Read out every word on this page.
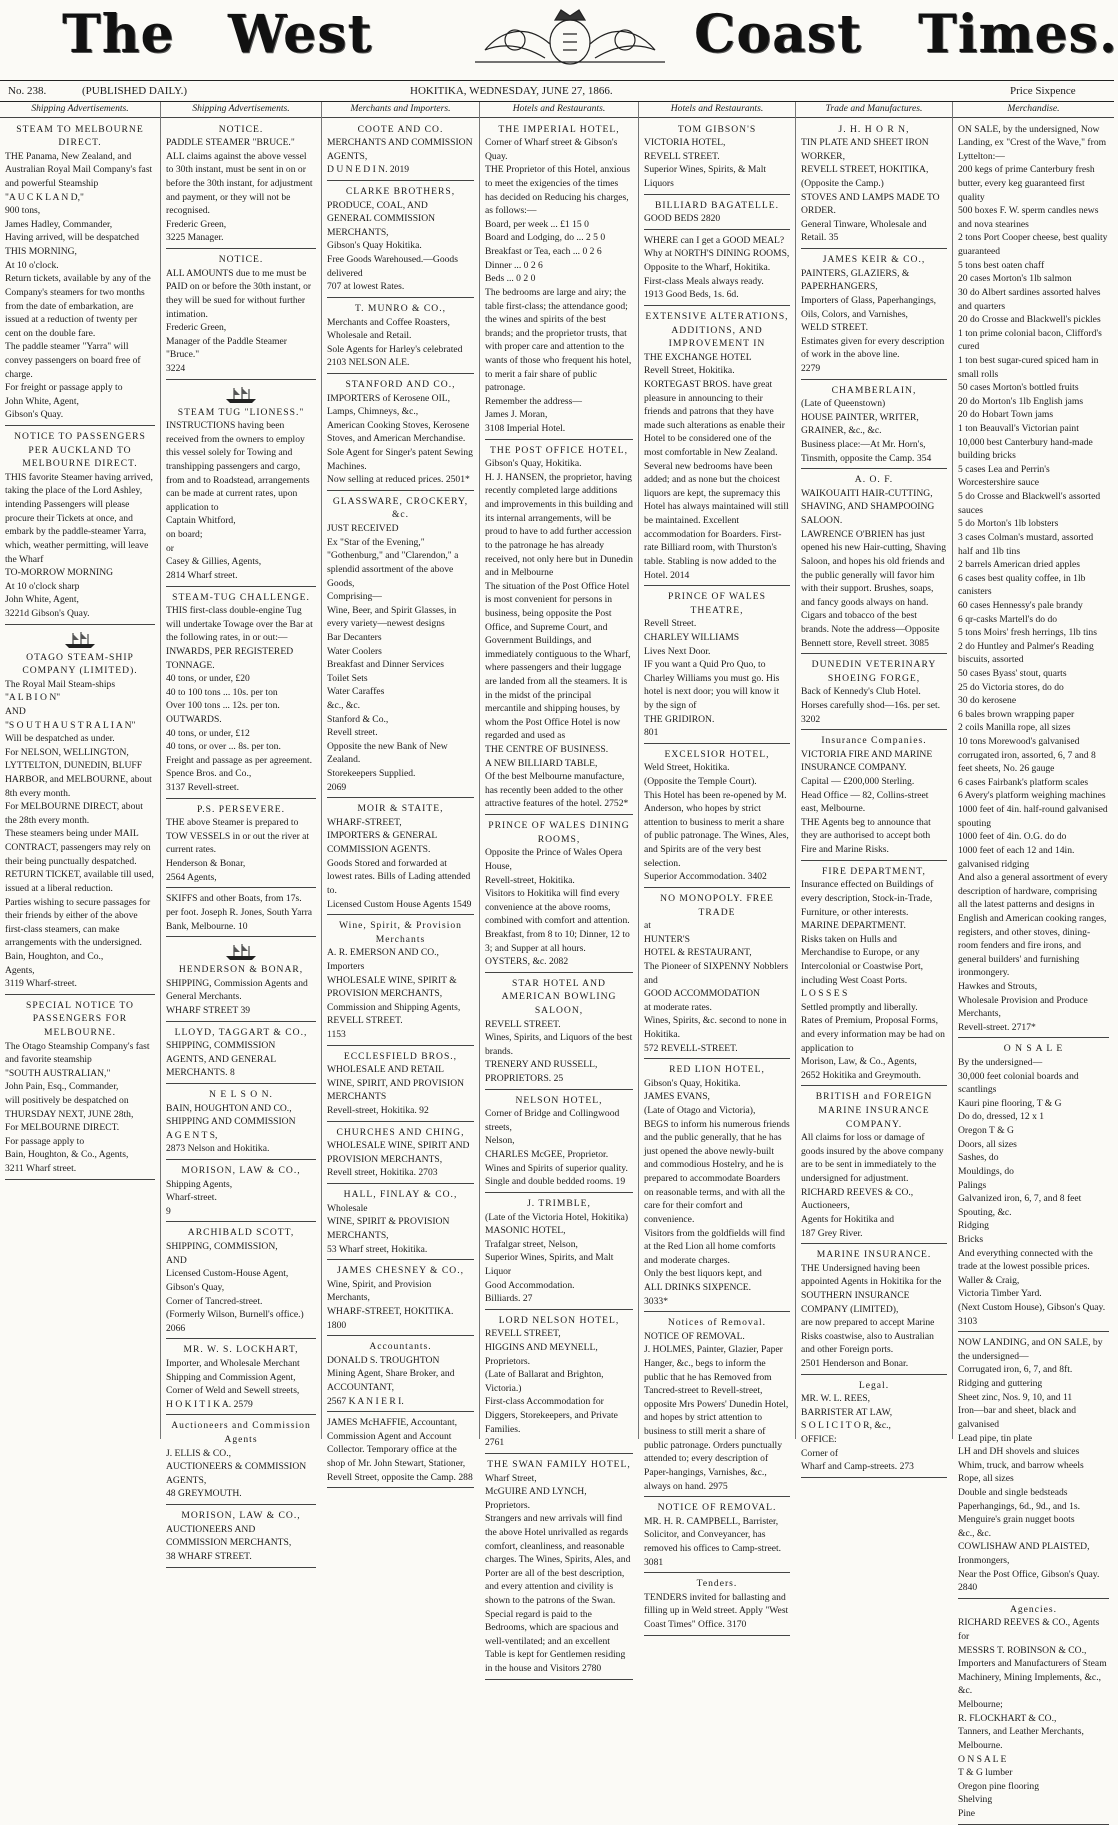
The West	Coast Times.
No. 238.	(PUBLISHED DAILY.)	HOKITIKA, WEDNESDAY, JUNE 27, 1866.	Price Sixpence
Shipping Advertisements.

STEAM TO MELBOURNE DIRECT.

THE Panama, New Zealand, and Australian Royal Mail Company's fast and powerful Steamship
"A U C K L A N D,"
900 tons,
James Hadley, Commander,
Having arrived, will be despatched
THIS MORNING,
At 10 o'clock.
Return tickets, available by any of the Company's steamers for two months from the date of embarkation, are issued at a reduction of twenty per cent on the double fare.
The paddle steamer "Yarra" will convey passengers on board free of charge.
For freight or passage apply to
John White, Agent,
Gibson's Quay.

NOTICE TO PASSENGERS PER AUCKLAND TO MELBOURNE DIRECT.

THIS favorite Steamer having arrived, taking the place of the Lord Ashley, intending Passengers will please procure their Tickets at once, and embark by the paddle-steamer Yarra, which, weather permitting, will leave the Wharf
TO-MORROW MORNING
At 10 o'clock sharp
John White, Agent,
3221d Gibson's Quay.

OTAGO STEAM-SHIP COMPANY (LIMITED).

The Royal Mail Steam-ships
"A L B I O N"
AND
"S O U T H A U S T R A L I A N"
Will be despatched as under.
For NELSON, WELLINGTON, LYTTELTON, DUNEDIN, BLUFF HARBOR, and MELBOURNE, about 8th every month.
For MELBOURNE DIRECT, about the 28th every month.
These steamers being under MAIL CONTRACT, passengers may rely on their being punctually despatched.
RETURN TICKET, available till used, issued at a liberal reduction.
Parties wishing to secure passages for their friends by either of the above first-class steamers, can make arrangements with the undersigned.
Bain, Houghton, and Co.,
Agents,
3119 Wharf-street.

SPECIAL NOTICE TO PASSENGERS FOR MELBOURNE.

The Otago Steamship Company's fast and favorite steamship
"SOUTH AUSTRALIAN,"
John Pain, Esq., Commander,
will positively be despatched on
THURSDAY NEXT, JUNE 28th,
For MELBOURNE DIRECT.
For passage apply to
Bain, Houghton, & Co., Agents,
3211 Wharf street.

Shipping Advertisements.

NOTICE.

PADDLE STEAMER "BRUCE."
ALL claims against the above vessel to 30th instant, must be sent in on or before the 30th instant, for adjustment and payment, or they will not be recognised.
Frederic Green,
3225 Manager.

NOTICE.

ALL AMOUNTS due to me must be PAID on or before the 30th instant, or they will be sued for without further intimation.
Frederic Green,
Manager of the Paddle Steamer "Bruce."
3224

STEAM TUG "LIONESS."

INSTRUCTIONS having been received from the owners to employ this vessel solely for Towing and transhipping passengers and cargo, from and to Roadstead, arrangements can be made at current rates, upon application to
Captain Whitford,
on board;
or
Casey & Gillies, Agents,
2814 Wharf street.

STEAM-TUG CHALLENGE.

THIS first-class double-engine Tug will undertake Towage over the Bar at the following rates, in or out:—
INWARDS, PER REGISTERED TONNAGE.
40 tons, or under, £20
40 to 100 tons ... 10s. per ton
Over 100 tons ... 12s. per ton.
OUTWARDS.
40 tons, or under, £12
40 tons, or over ... 8s. per ton.
Freight and passage as per agreement.
Spence Bros. and Co.,
3137 Revell-street.

P.S. PERSEVERE.

THE above Steamer is prepared to TOW VESSELS in or out the river at current rates.
Henderson & Bonar,
2564 Agents,

SKIFFS and other Boats, from 17s. per foot. Joseph R. Jones, South Yarra Bank, Melbourne. 10

HENDERSON & BONAR,

SHIPPING, Commission Agents and General Merchants.
WHARF STREET 39

LLOYD, TAGGART & CO.,

SHIPPING, COMMISSION AGENTS, AND GENERAL MERCHANTS. 8

N E L S O N.

BAIN, HOUGHTON AND CO., SHIPPING AND COMMISSION
A G E N T S,
2873 Nelson and Hokitika.

MORISON, LAW & CO.,

Shipping Agents,
Wharf-street.
9

ARCHIBALD SCOTT,

SHIPPING, COMMISSION,
AND
Licensed Custom-House Agent,
Gibson's Quay,
Corner of Tancred-street.
(Formerly Wilson, Burnell's office.) 2066

MR. W. S. LOCKHART,

Importer, and Wholesale Merchant
Shipping and Commission Agent,
Corner of Weld and Sewell streets,
H O K I T I K A. 2579

Auctioneers and Commission Agents

J. ELLIS & CO.,
AUCTIONEERS & COMMISSION AGENTS,
48 GREYMOUTH.

MORISON, LAW & CO.,

AUCTIONEERS AND COMMISSION MERCHANTS,
38 WHARF STREET.

Merchants and Importers.

COOTE AND CO.

MERCHANTS AND COMMISSION AGENTS,
D U N E D I N. 2019

CLARKE BROTHERS,

PRODUCE, COAL, AND GENERAL COMMISSION MERCHANTS,
Gibson's Quay Hokitika.
Free Goods Warehoused.—Goods delivered
707 at lowest Rates.

T. MUNRO & CO.,

Merchants and Coffee Roasters,
Wholesale and Retail.
Sole Agents for Harley's celebrated
2103 NELSON ALE.

STANFORD AND CO.,

IMPORTERS of Kerosene OIL, Lamps, Chimneys, &c.,
American Cooking Stoves, Kerosene Stoves, and American Merchandise.
Sole Agent for Singer's patent Sewing Machines.
Now selling at reduced prices. 2501*

GLASSWARE, CROCKERY, &c.

JUST RECEIVED
Ex "Star of the Evening," "Gothenburg," and "Clarendon," a splendid assortment of the above Goods,
Comprising—
Wine, Beer, and Spirit Glasses, in every variety—newest designs
Bar Decanters
Water Coolers
Breakfast and Dinner Services
Toilet Sets
Water Caraffes
&c., &c.
Stanford & Co.,
Revell street.
Opposite the new Bank of New Zealand.
Storekeepers Supplied.
2069

MOIR & STAITE,

WHARF-STREET,
IMPORTERS & GENERAL COMMISSION AGENTS.
Goods Stored and forwarded at lowest rates. Bills of Lading attended to.
Licensed Custom House Agents 1549

Wine, Spirit, & Provision Merchants

A. R. EMERSON AND CO.,
Importers
WHOLESALE WINE, SPIRIT & PROVISION MERCHANTS,
Commission and Shipping Agents,
REVELL STREET.
1153

ECCLESFIELD BROS.,

WHOLESALE AND RETAIL
WINE, SPIRIT, AND PROVISION MERCHANTS
Revell-street, Hokitika. 92

CHURCHES AND CHING,

WHOLESALE WINE, SPIRIT AND PROVISION MERCHANTS,
Revell street, Hokitika. 2703

HALL, FINLAY & CO.,

Wholesale
WINE, SPIRIT & PROVISION MERCHANTS,
53 Wharf street, Hokitika.

JAMES CHESNEY & CO.,

Wine, Spirit, and Provision Merchants,
WHARF-STREET, HOKITIKA.
1800

Accountants.

DONALD S. TROUGHTON
Mining Agent, Share Broker, and
ACCOUNTANT,
2567 K A N I E R I.

JAMES McHAFFIE, Accountant, Commission Agent and Account Collector. Temporary office at the shop of Mr. John Stewart, Stationer, Revell Street, opposite the Camp. 288

Hotels and Restaurants.

THE IMPERIAL HOTEL,

Corner of Wharf street & Gibson's Quay.
THE Proprietor of this Hotel, anxious to meet the exigencies of the times has decided on Reducing his charges, as follows:—
Board, per week ... £1 15 0
Board and Lodging, do ... 2 5 0
Breakfast or Tea, each ... 0 2 6
Dinner ... 0 2 6
Beds ... 0 2 0
The bedrooms are large and airy; the table first-class; the attendance good; the wines and spirits of the best brands; and the proprietor trusts, that with proper care and attention to the wants of those who frequent his hotel, to merit a fair share of public patronage.
Remember the address—
James J. Moran,
3108 Imperial Hotel.

THE POST OFFICE HOTEL,

Gibson's Quay, Hokitika.
H. J. HANSEN, the proprietor, having recently completed large additions and improvements in this building and its internal arrangements, will be proud to have to add further accession to the patronage he has already received, not only here but in Dunedin and in Melbourne
The situation of the Post Office Hotel is most convenient for persons in business, being opposite the Post Office, and Supreme Court, and Government Buildings, and immediately contiguous to the Wharf, where passengers and their luggage are landed from all the steamers. It is in the midst of the principal mercantile and shipping houses, by whom the Post Office Hotel is now regarded and used as
THE CENTRE OF BUSINESS.
A NEW BILLIARD TABLE,
Of the best Melbourne manufacture, has recently been added to the other attractive features of the hotel. 2752*

PRINCE OF WALES DINING ROOMS,

Opposite the Prince of Wales Opera House,
Revell-street, Hokitika.
Visitors to Hokitika will find every convenience at the above rooms, combined with comfort and attention.
Breakfast, from 8 to 10; Dinner, 12 to 3; and Supper at all hours.
OYSTERS, &c. 2082

STAR HOTEL AND AMERICAN BOWLING SALOON,

REVELL STREET.
Wines, Spirits, and Liquors of the best brands.
TRENERY AND RUSSELL,
PROPRIETORS. 25

NELSON HOTEL,

Corner of Bridge and Collingwood streets,
Nelson,
CHARLES McGEE, Proprietor.
Wines and Spirits of superior quality. Single and double bedded rooms. 19

J. TRIMBLE,

(Late of the Victoria Hotel, Hokitika)
MASONIC HOTEL,
Trafalgar street, Nelson,
Superior Wines, Spirits, and Malt Liquor
Good Accommodation.
Billiards. 27

LORD NELSON HOTEL,

REVELL STREET,
HIGGINS AND MEYNELL, Proprietors.
(Late of Ballarat and Brighton, Victoria.)
First-class Accommodation for Diggers, Storekeepers, and Private Families.
2761

THE SWAN FAMILY HOTEL,

Wharf Street,
McGUIRE AND LYNCH, Proprietors.
Strangers and new arrivals will find the above Hotel unrivalled as regards comfort, cleanliness, and reasonable charges. The Wines, Spirits, Ales, and Porter are all of the best description, and every attention and civility is shown to the patrons of the Swan. Special regard is paid to the Bedrooms, which are spacious and well-ventilated; and an excellent Table is kept for Gentlemen residing in the house and Visitors 2780

Hotels and Restaurants.

TOM GIBSON'S

VICTORIA HOTEL,
REVELL STREET.
Superior Wines, Spirits, & Malt Liquors

BILLIARD BAGATELLE.

GOOD BEDS 2820

WHERE can I get a GOOD MEAL?
Why at NORTH'S DINING ROOMS,
Opposite to the Wharf, Hokitika.
First-class Meals always ready.
1913 Good Beds, 1s. 6d.

EXTENSIVE ALTERATIONS, ADDITIONS, AND IMPROVEMENT IN

THE EXCHANGE HOTEL
Revell Street, Hokitika.
KORTEGAST BROS. have great pleasure in announcing to their friends and patrons that they have made such alterations as enable their Hotel to be considered one of the most comfortable in New Zealand. Several new bedrooms have been added; and as none but the choicest liquors are kept, the supremacy this Hotel has always maintained will still be maintained. Excellent accommodation for Boarders. First-rate Billiard room, with Thurston's table. Stabling is now added to the Hotel. 2014

PRINCE OF WALES THEATRE,

Revell Street.
CHARLEY WILLIAMS
Lives Next Door.
IF you want a Quid Pro Quo, to Charley Williams you must go. His hotel is next door; you will know it by the sign of
THE GRIDIRON.
801

EXCELSIOR HOTEL,

Weld Street, Hokitika.
(Opposite the Temple Court).
This Hotel has been re-opened by M. Anderson, who hopes by strict attention to business to merit a share of public patronage. The Wines, Ales, and Spirits are of the very best selection.
Superior Accommodation. 3402

NO MONOPOLY. FREE TRADE

at
HUNTER'S
HOTEL & RESTAURANT,
The Pioneer of SIXPENNY Nobblers
and
GOOD ACCOMMODATION
at moderate rates.
Wines, Spirits, &c. second to none in Hokitika.
572 REVELL-STREET.

RED LION HOTEL,

Gibson's Quay, Hokitika.
JAMES EVANS,
(Late of Otago and Victoria),
BEGS to inform his numerous friends and the public generally, that he has just opened the above newly-built and commodious Hostelry, and he is prepared to accommodate Boarders on reasonable terms, and with all the care for their comfort and convenience.
Visitors from the goldfields will find at the Red Lion all home comforts and moderate charges.
Only the best liquors kept, and
ALL DRINKS SIXPENCE.
3033*

Notices of Removal.

NOTICE OF REMOVAL.
J. HOLMES, Painter, Glazier, Paper Hanger, &c., begs to inform the public that he has Removed from Tancred-street to Revell-street, opposite Mrs Powers' Dunedin Hotel, and hopes by strict attention to business to still merit a share of public patronage. Orders punctually attended to; every description of Paper-hangings, Varnishes, &c., always on hand. 2975

NOTICE OF REMOVAL.

MR. H. R. CAMPBELL, Barrister, Solicitor, and Conveyancer, has removed his offices to Camp-street. 3081

Tenders.

TENDERS invited for ballasting and filling up in Weld street. Apply "West Coast Times" Office. 3170

Trade and Manufactures.

J. H. H O R N,

TIN PLATE AND SHEET IRON WORKER,
REVELL STREET, HOKITIKA,
(Opposite the Camp.)
STOVES AND LAMPS MADE TO ORDER.
General Tinware, Wholesale and Retail. 35

JAMES KEIR & CO.,

PAINTERS, GLAZIERS, & PAPERHANGERS,
Importers of Glass, Paperhangings, Oils, Colors, and Varnishes,
WELD STREET.
Estimates given for every description of work in the above line.
2279

CHAMBERLAIN,

(Late of Queenstown)
HOUSE PAINTER, WRITER, GRAINER, &c., &c.
Business place:—At Mr. Horn's, Tinsmith, opposite the Camp. 354

A. O. F.

WAIKOUAITI HAIR-CUTTING, SHAVING, AND SHAMPOOING SALOON.
LAWRENCE O'BRIEN has just opened his new Hair-cutting, Shaving Saloon, and hopes his old friends and the public generally will favor him with their support. Brushes, soaps, and fancy goods always on hand. Cigars and tobacco of the best brands. Note the address—Opposite Bennett store, Revell street. 3085

DUNEDIN VETERINARY SHOEING FORGE,

Back of Kennedy's Club Hotel.
Horses carefully shod—16s. per set.
3202

Insurance Companies.

VICTORIA FIRE AND MARINE INSURANCE COMPANY.
Capital — £200,000 Sterling.
Head Office — 82, Collins-street east, Melbourne.
THE Agents beg to announce that they are authorised to accept both Fire and Marine Risks.

FIRE DEPARTMENT,

Insurance effected on Buildings of every description, Stock-in-Trade, Furniture, or other interests.
MARINE DEPARTMENT.
Risks taken on Hulls and Merchandise to Europe, or any Intercolonial or Coastwise Port, including West Coast Ports.
L O S S E S
Settled promptly and liberally.
Rates of Premium, Proposal Forms, and every information may be had on application to
Morison, Law, & Co., Agents,
2652 Hokitika and Greymouth.

BRITISH and FOREIGN MARINE INSURANCE COMPANY.

All claims for loss or damage of goods insured by the above company are to be sent in immediately to the undersigned for adjustment.
RICHARD REEVES & CO.,
Auctioneers,
Agents for Hokitika and
187 Grey River.

MARINE INSURANCE.

THE Undersigned having been appointed Agents in Hokitika for the
SOUTHERN INSURANCE COMPANY (LIMITED),
are now prepared to accept Marine Risks coastwise, also to Australian and other Foreign ports.
2501 Henderson and Bonar.

Legal.

MR. W. L. REES,
BARRISTER AT LAW,
S O L I C I T O R, &c.,
OFFICE:
Corner of
Wharf and Camp-streets. 273

Merchandise.

ON SALE, by the undersigned, Now Landing, ex "Crest of the Wave," from Lyttelton:—
200 kegs of prime Canterbury fresh butter, every keg guaranteed first quality
500 boxes F. W. sperm candles news and nova stearines
2 tons Port Cooper cheese, best quality guaranteed
5 tons best oaten chaff
20 cases Morton's 1lb salmon
30 do Albert sardines assorted halves and quarters
20 do Crosse and Blackwell's pickles
1 ton prime colonial bacon, Clifford's cured
1 ton best sugar-cured spiced ham in small rolls
50 cases Morton's bottled fruits
20 do Morton's 1lb English jams
20 do Hobart Town jams
1 ton Beauvall's Victorian paint
10,000 best Canterbury hand-made building bricks
5 cases Lea and Perrin's Worcestershire sauce
5 do Crosse and Blackwell's assorted sauces
5 do Morton's 1lb lobsters
3 cases Colman's mustard, assorted half and 1lb tins
2 barrels American dried apples
6 cases best quality coffee, in 1lb canisters
60 cases Hennessy's pale brandy
6 qr-casks Martell's do do
5 tons Moirs' fresh herrings, 1lb tins
2 do Huntley and Palmer's Reading biscuits, assorted
50 cases Byass' stout, quarts
25 do Victoria stores, do do
30 do kerosene
6 bales brown wrapping paper
2 coils Manilla rope, all sizes
10 tons Morewood's galvanised corrugated iron, assorted, 6, 7 and 8 feet sheets, No. 26 gauge
6 cases Fairbank's platform scales
6 Avery's platform weighing machines
1000 feet of 4in. half-round galvanised spouting
1000 feet of 4in. O.G. do do
1000 feet of each 12 and 14in. galvanised ridging
And also a general assortment of every description of hardware, comprising all the latest patterns and designs in English and American cooking ranges, registers, and other stoves, dining-room fenders and fire irons, and general builders' and furnishing ironmongery.
Hawkes and Strouts,
Wholesale Provision and Produce Merchants,
Revell-street. 2717*

O N S A L E

By the undersigned—
30,000 feet colonial boards and scantlings
Kauri pine flooring, T & G
Do do, dressed, 12 x 1
Oregon T & G
Doors, all sizes
Sashes, do
Mouldings, do
Palings
Galvanized iron, 6, 7, and 8 feet
Spouting, &c.
Ridging
Bricks
And everything connected with the trade at the lowest possible prices.
Waller & Craig,
Victoria Timber Yard.
(Next Custom House), Gibson's Quay.
3103

NOW LANDING, and ON SALE, by the undersigned—
Corrugated iron, 6, 7, and 8ft.
Ridging and guttering
Sheet zinc, Nos. 9, 10, and 11
Iron—bar and sheet, black and galvanised
Lead pipe, tin plate
LH and DH shovels and sluices
Whim, truck, and barrow wheels
Rope, all sizes
Double and single bedsteads
Paperhangings, 6d., 9d., and 1s.
Menguire's grain nugget boots
&c., &c.
COWLISHAW AND PLAISTED,
Ironmongers,
Near the Post Office, Gibson's Quay.
2840

Agencies.

RICHARD REEVES & CO., Agents for
MESSRS T. ROBINSON & CO.,
Importers and Manufacturers of Steam Machinery, Mining Implements, &c., &c.
Melbourne;
R. FLOCKHART & CO.,
Tanners, and Leather Merchants,
Melbourne.
O N S A L E
T & G lumber
Oregon pine flooring
Shelving
Pine
